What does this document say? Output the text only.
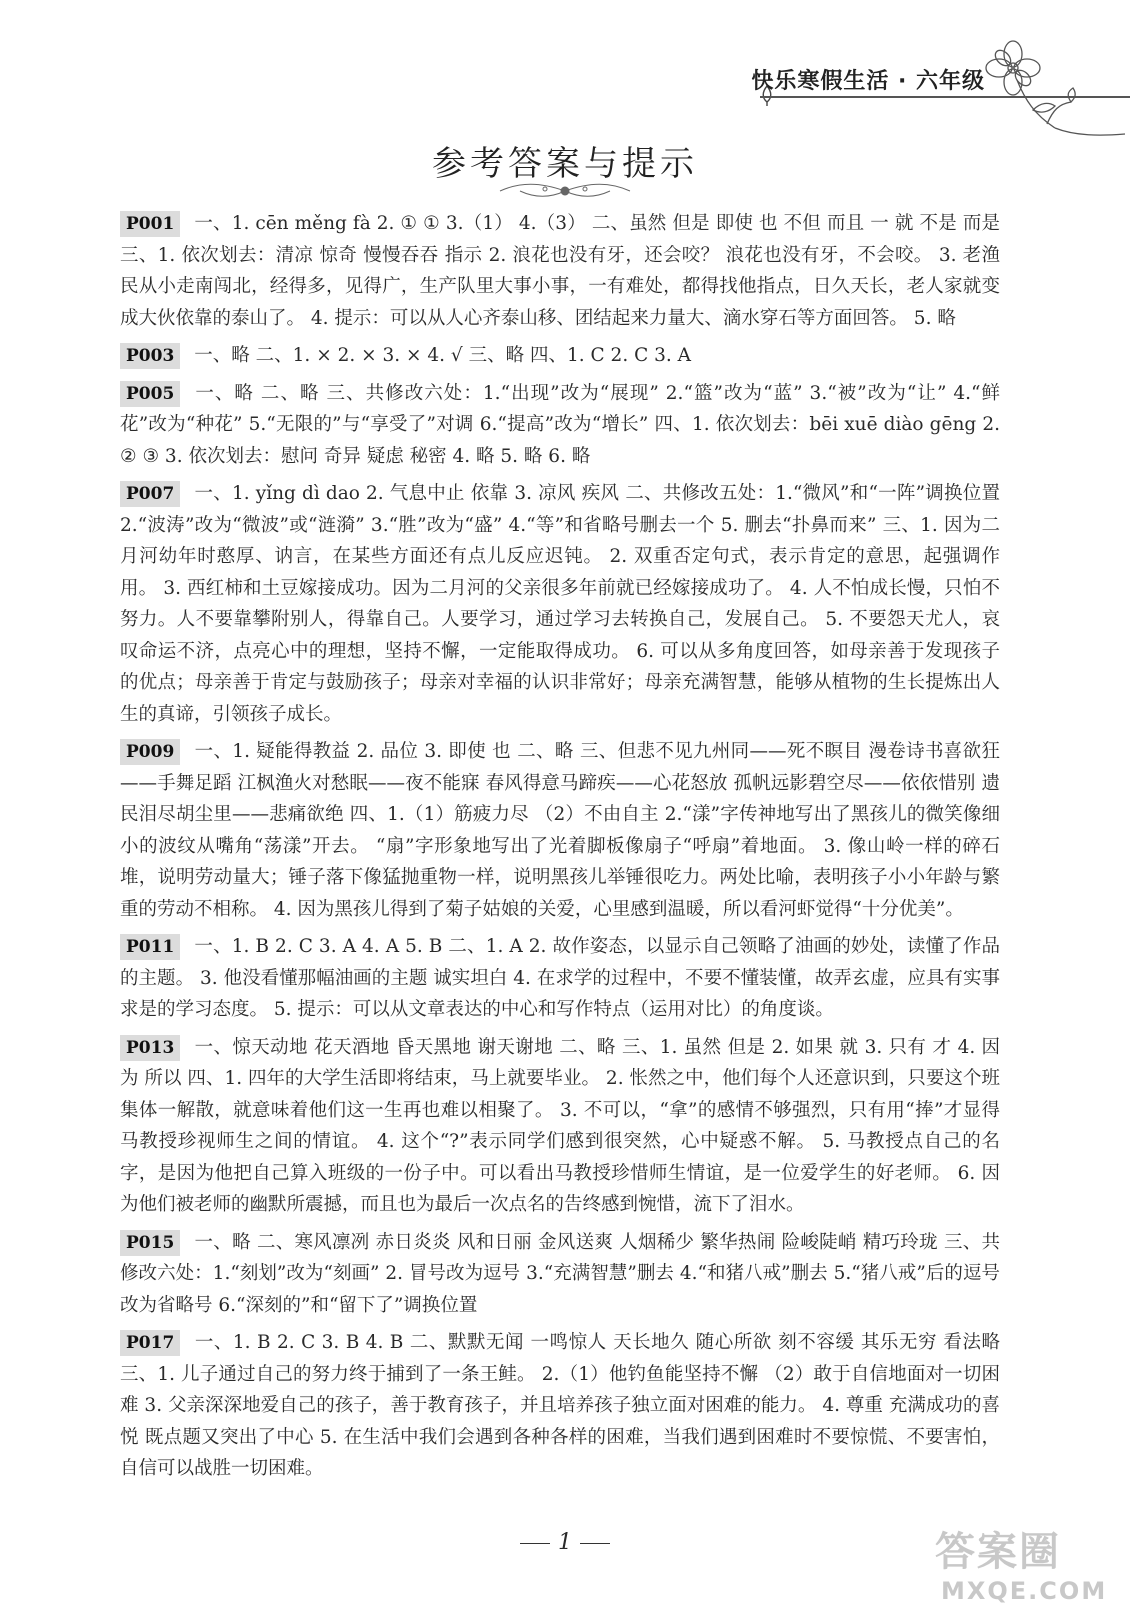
快乐寒假生活 · 六年级
参考答案与提示

P001 一、1. cēn měng fà 2. ① ① 3.（1） 4.（3） 二、虽然 但是 即使 也 不但 而且 一 就 不是 而是 三、1. 依次划去：清凉 惊奇 慢慢吞吞 指示 2. 浪花也没有牙，还会咬？ 浪花也没有牙，不会咬。 3. 老渔民从小走南闯北，经得多，见得广，生产队里大事小事，一有难处，都得找他指点，日久天长，老人家就变成大伙依靠的泰山了。 4. 提示：可以从人心齐泰山移、团结起来力量大、滴水穿石等方面回答。 5. 略

P003 一、略 二、1. × 2. × 3. × 4. √ 三、略 四、1. C 2. C 3. A

P005 一、略 二、略 三、共修改六处：1.“出现”改为“展现” 2.“篮”改为“蓝” 3.“被”改为“让” 4.“鲜花”改为“种花” 5.“无限的”与“享受了”对调 6.“提高”改为“增长” 四、1. 依次划去：bēi xuē diào gēng 2. ② ③ 3. 依次划去：慰问 奇异 疑虑 秘密 4. 略 5. 略 6. 略

P007 一、1. yǐng dì dao 2. 气息中止 依靠 3. 凉风 疾风 二、共修改五处：1.“微风”和“一阵”调换位置 2.“波涛”改为“微波”或“涟漪” 3.“胜”改为“盛” 4.“等”和省略号删去一个 5. 删去“扑鼻而来” 三、1. 因为二月河幼年时憨厚、讷言，在某些方面还有点儿反应迟钝。 2. 双重否定句式，表示肯定的意思，起强调作用。 3. 西红柿和土豆嫁接成功。因为二月河的父亲很多年前就已经嫁接成功了。 4. 人不怕成长慢，只怕不努力。人不要靠攀附别人，得靠自己。人要学习，通过学习去转换自己，发展自己。 5. 不要怨天尤人，哀叹命运不济，点亮心中的理想，坚持不懈，一定能取得成功。 6. 可以从多角度回答，如母亲善于发现孩子的优点；母亲善于肯定与鼓励孩子；母亲对幸福的认识非常好；母亲充满智慧，能够从植物的生长提炼出人生的真谛，引领孩子成长。

P009 一、1. 疑能得教益 2. 品位 3. 即使 也 二、略 三、但悲不见九州同——死不瞑目 漫卷诗书喜欲狂——手舞足蹈 江枫渔火对愁眠——夜不能寐 春风得意马蹄疾——心花怒放 孤帆远影碧空尽——依依惜别 遗民泪尽胡尘里——悲痛欲绝 四、1.（1）筋疲力尽 （2）不由自主 2.“漾”字传神地写出了黑孩儿的微笑像细小的波纹从嘴角“荡漾”开去。 “扇”字形象地写出了光着脚板像扇子“呼扇”着地面。 3. 像山岭一样的碎石堆，说明劳动量大；锤子落下像猛抛重物一样，说明黑孩儿举锤很吃力。两处比喻，表明孩子小小年龄与繁重的劳动不相称。 4. 因为黑孩儿得到了菊子姑娘的关爱，心里感到温暖，所以看河虾觉得“十分优美”。

P011 一、1. B 2. C 3. A 4. A 5. B 二、1. A 2. 故作姿态，以显示自己领略了油画的妙处，读懂了作品的主题。 3. 他没看懂那幅油画的主题 诚实坦白 4. 在求学的过程中，不要不懂装懂，故弄玄虚，应具有实事求是的学习态度。 5. 提示：可以从文章表达的中心和写作特点（运用对比）的角度谈。

P013 一、惊天动地 花天酒地 昏天黑地 谢天谢地 二、略 三、1. 虽然 但是 2. 如果 就 3. 只有 才 4. 因为 所以 四、1. 四年的大学生活即将结束，马上就要毕业。 2. 怅然之中，他们每个人还意识到，只要这个班集体一解散，就意味着他们这一生再也难以相聚了。 3. 不可以，“拿”的感情不够强烈，只有用“捧”才显得马教授珍视师生之间的情谊。 4. 这个“?”表示同学们感到很突然，心中疑惑不解。 5. 马教授点自己的名字，是因为他把自己算入班级的一份子中。可以看出马教授珍惜师生情谊，是一位爱学生的好老师。 6. 因为他们被老师的幽默所震撼，而且也为最后一次点名的告终感到惋惜，流下了泪水。

P015 一、略 二、寒风凛冽 赤日炎炎 风和日丽 金风送爽 人烟稀少 繁华热闹 险峻陡峭 精巧玲珑 三、共修改六处：1.“刻划”改为“刻画” 2. 冒号改为逗号 3.“充满智慧”删去 4.“和猪八戒”删去 5.“猪八戒”后的逗号改为省略号 6.“深刻的”和“留下了”调换位置

P017 一、1. B 2. C 3. B 4. B 二、默默无闻 一鸣惊人 天长地久 随心所欲 刻不容缓 其乐无穷 看法略 三、1. 儿子通过自己的努力终于捕到了一条王鲑。 2.（1）他钓鱼能坚持不懈 （2）敢于自信地面对一切困难 3. 父亲深深地爱自己的孩子，善于教育孩子，并且培养孩子独立面对困难的能力。 4. 尊重 充满成功的喜悦 既点题又突出了中心 5. 在生活中我们会遇到各种各样的困难，当我们遇到困难时不要惊慌、不要害怕，自信可以战胜一切困难。

1	答案圈
MXQE.COM
